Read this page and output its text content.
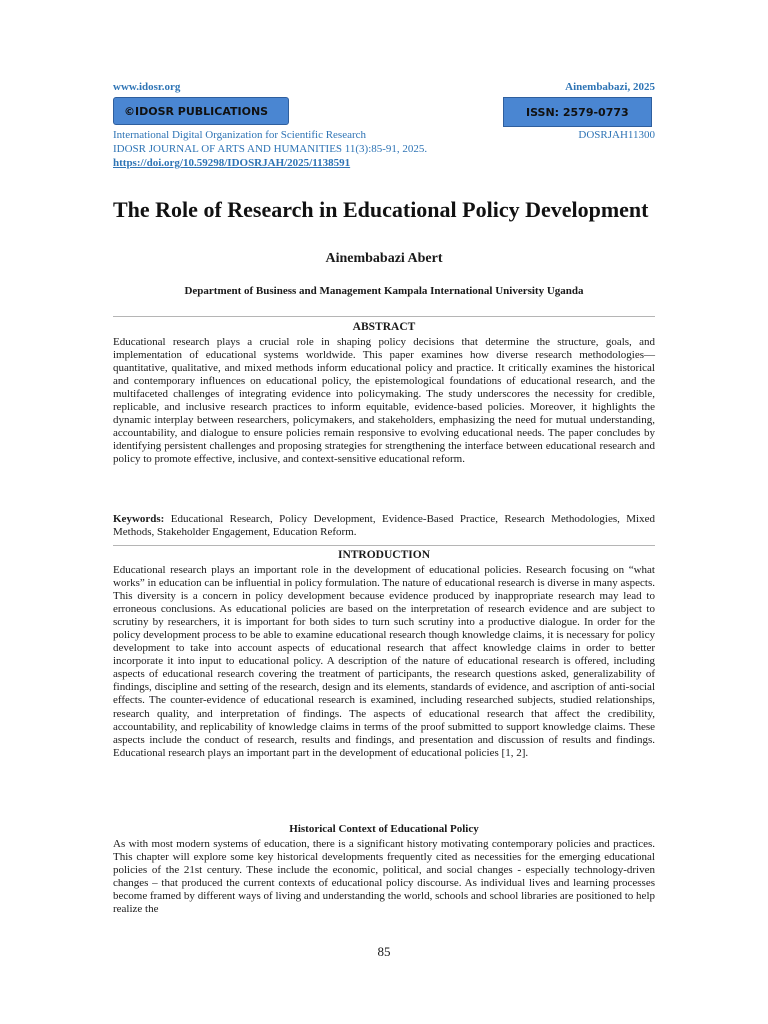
www.idosr.org	Ainembabazi, 2025
©IDOSR PUBLICATIONS	ISSN: 2579-0773
International Digital Organization for Scientific Research	DOSRJAH11300
IDOSR JOURNAL OF ARTS AND HUMANITIES 11(3):85-91, 2025.
https://doi.org/10.59298/IDOSRJAH/2025/1138591
The Role of Research in Educational Policy Development
Ainembabazi Abert
Department of Business and Management Kampala International University Uganda
ABSTRACT

Educational research plays a crucial role in shaping policy decisions that determine the structure, goals, and implementation of educational systems worldwide. This paper examines how diverse research methodologies—quantitative, qualitative, and mixed methods inform educational policy and practice. It critically examines the historical and contemporary influences on educational policy, the epistemological foundations of educational research, and the multifaceted challenges of integrating evidence into policymaking. The study underscores the necessity for credible, replicable, and inclusive research practices to inform equitable, evidence-based policies. Moreover, it highlights the dynamic interplay between researchers, policymakers, and stakeholders, emphasizing the need for mutual understanding, accountability, and dialogue to ensure policies remain responsive to evolving educational needs. The paper concludes by identifying persistent challenges and proposing strategies for strengthening the interface between educational research and policy to promote effective, inclusive, and context-sensitive educational reform.

Keywords: Educational Research, Policy Development, Evidence-Based Practice, Research Methodologies, Mixed Methods, Stakeholder Engagement, Education Reform.

INTRODUCTION

Educational research plays an important role in the development of educational policies. Research focusing on “what works” in education can be influential in policy formulation. The nature of educational research is diverse in many aspects. This diversity is a concern in policy development because evidence produced by inappropriate research may lead to erroneous conclusions. As educational policies are based on the interpretation of research evidence and are subject to scrutiny by researchers, it is important for both sides to turn such scrutiny into a productive dialogue. In order for the policy development process to be able to examine educational research though knowledge claims, it is necessary for policy development to take into account aspects of educational research that affect knowledge claims in order to better incorporate it into input to educational policy. A description of the nature of educational research is offered, including aspects of educational research covering the treatment of participants, the research questions asked, generalizability of findings, discipline and setting of the research, design and its elements, standards of evidence, and ascription of anti-social effects. The counter-evidence of educational research is examined, including researched subjects, studied relationships, research quality, and interpretation of findings. The aspects of educational research that affect the credibility, accountability, and replicability of knowledge claims in terms of the proof submitted to support knowledge claims. These aspects include the conduct of research, results and findings, and presentation and discussion of results and findings. Educational research plays an important part in the development of educational policies [1, 2].

Historical Context of Educational Policy

As with most modern systems of education, there is a significant history motivating contemporary policies and practices. This chapter will explore some key historical developments frequently cited as necessities for the emerging educational policies of the 21st century. These include the economic, political, and social changes - especially technology-driven changes – that produced the current contexts of educational policy discourse. As individual lives and learning processes become framed by different ways of living and understanding the world, schools and school libraries are positioned to help realize the

85
